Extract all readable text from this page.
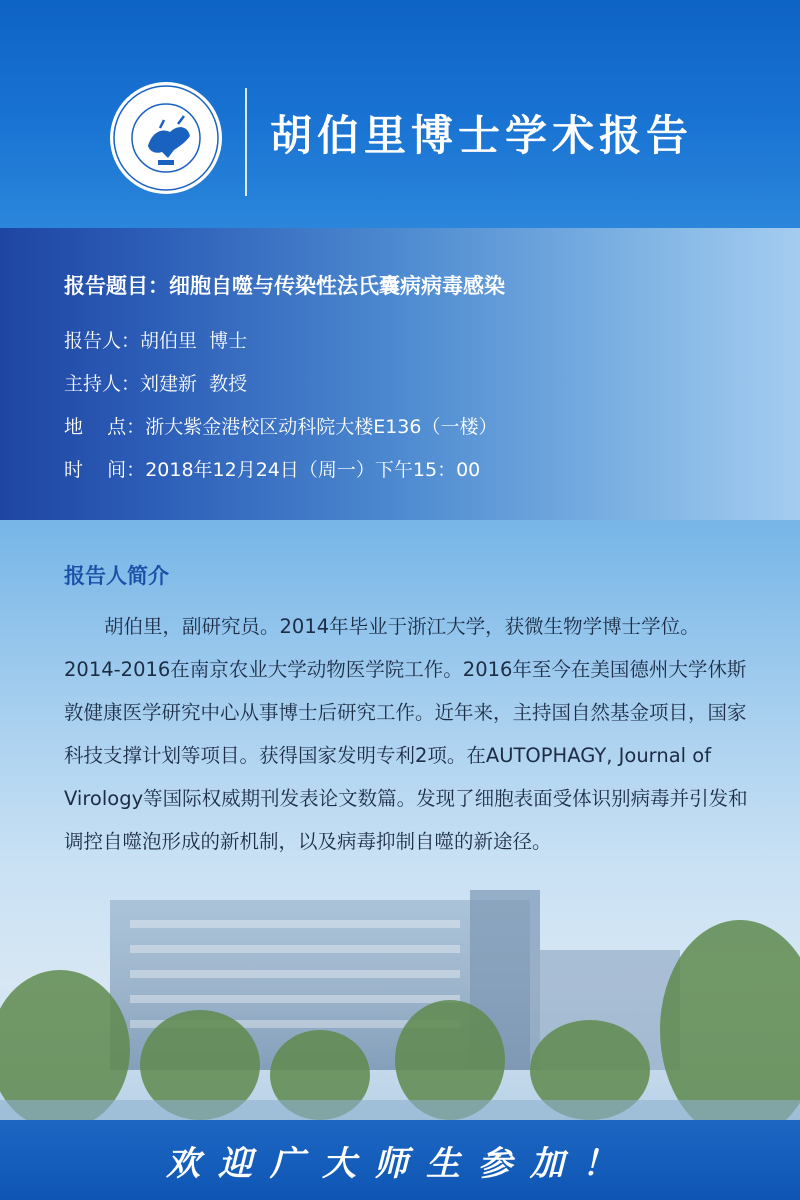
胡伯里博士学术报告
报告题目：细胞自噬与传染性法氏囊病病毒感染
报告人：胡伯里  博士
主持人：刘建新  教授
地    点：浙大紫金港校区动科院大楼E136（一楼）
时    间：2018年12月24日（周一）下午15：00
报告人简介
胡伯里，副研究员。2014年毕业于浙江大学，获微生物学博士学位。2014-2016在南京农业大学动物医学院工作。2016年至今在美国德州大学休斯敦健康医学研究中心从事博士后研究工作。近年来，主持国自然基金项目，国家科技支撑计划等项目。获得国家发明专利2项。在AUTOPHAGY, Journal of Virology等国际权威期刊发表论文数篇。发现了细胞表面受体识别病毒并引发和调控自噬泡形成的新机制，以及病毒抑制自噬的新途径。
欢迎广大师生参加！
